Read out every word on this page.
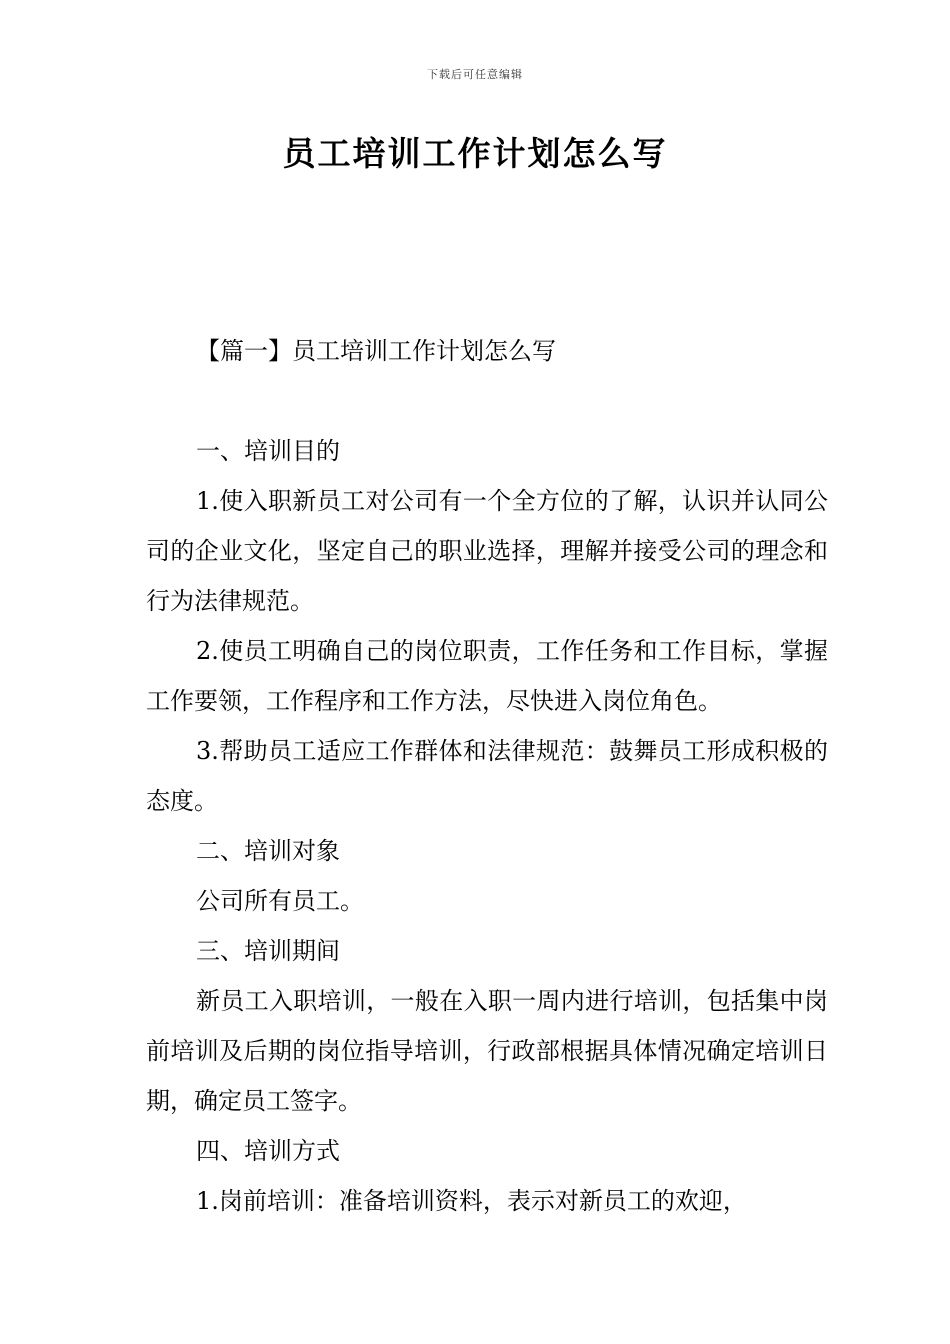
下载后可任意编辑
员工培训工作计划怎么写

【篇一】员工培训工作计划怎么写

一、培训目的

1.使入职新员工对公司有一个全方位的了解，认识并认同公司的企业文化，坚定自己的职业选择，理解并接受公司的理念和行为法律规范。

2.使员工明确自己的岗位职责，工作任务和工作目标，掌握工作要领，工作程序和工作方法，尽快进入岗位角色。

3.帮助员工适应工作群体和法律规范：鼓舞员工形成积极的态度。

二、培训对象

公司所有员工。

三、培训期间

新员工入职培训，一般在入职一周内进行培训，包括集中岗前培训及后期的岗位指导培训，行政部根据具体情况确定培训日期，确定员工签字。

四、培训方式

1.岗前培训：准备培训资料，表示对新员工的欢迎，
